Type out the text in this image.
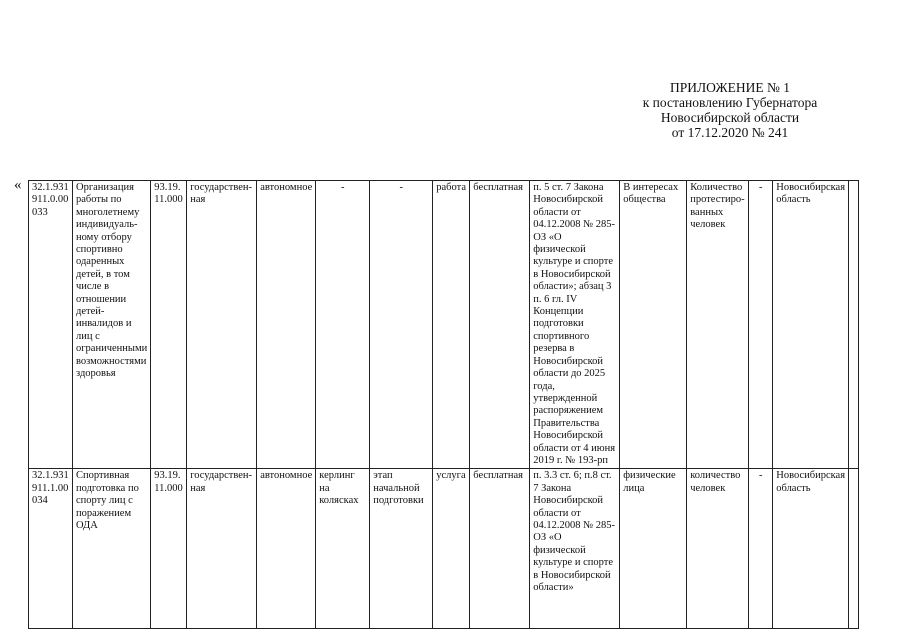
ПРИЛОЖЕНИЕ № 1
к постановлению Губернатора
Новосибирской области
от 17.12.2020 № 241
« 32.1.931 911.0.00 033	Организация работы по многолетнему индивидуаль-ному отбору спортивно одаренных детей, в том числе в отношении детей-инвалидов и лиц с ограниченными возможностями здоровья	93.19. 11.000	государствен-ная	автономное	-	-	работа	бесплатная	п. 5 ст. 7 Закона Новосибирской области от 04.12.2008 № 285-ОЗ «О физической культуре и спорте в Новосибирской области»; абзац 3 п. 6 гл. IV Концепции подготовки спортивного резерва в Новосибирской области до 2025 года, утвержденной распоряжением Правительства Новосибирской области от 4 июня 2019 г. № 193-рп	В интересах общества	Количество протестиро-ванных человек	-	Новосибирская область	
32.1.931 911.1.00 034	Спортивная подготовка по спорту лиц с поражением ОДА	93.19. 11.000	государствен-ная	автономное	керлинг на колясках	этап начальной подготовки	услуга	бесплатная	п. 3.3 ст. 6; п.8 ст. 7 Закона Новосибирской области от 04.12.2008 № 285-ОЗ «О физической культуре и спорте в Новосибирской области»	физические лица	количество человек	-	Новосибирская область	
